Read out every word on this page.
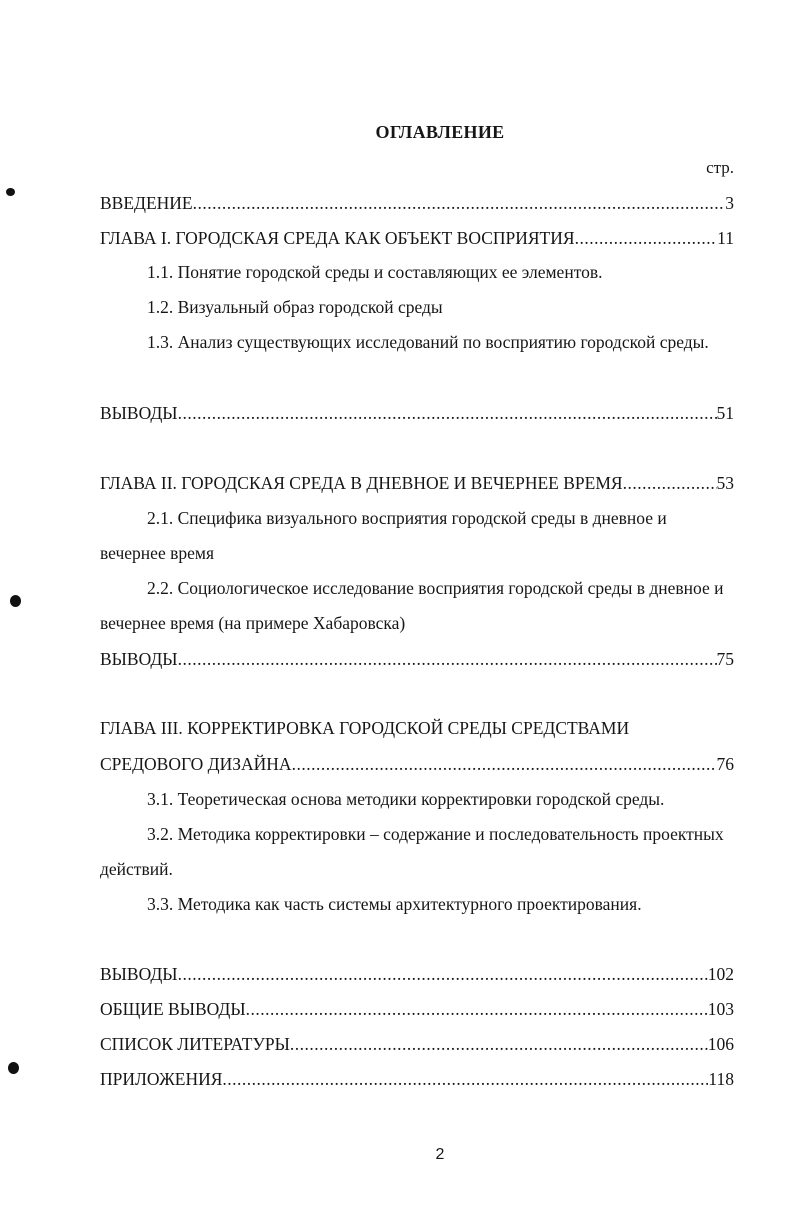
ОГЛАВЛЕНИЕ
стр.
ВВЕДЕНИЕ .....	3
ГЛАВА I. ГОРОДСКАЯ СРЕДА КАК ОБЪЕКТ ВОСПРИЯТИЯ .....	11
1.1. Понятие городской среды и составляющих ее элементов.
1.2. Визуальный образ городской среды
1.3. Анализ существующих исследований по восприятию городской среды.
ВЫВОДЫ .....	51
ГЛАВА II. ГОРОДСКАЯ СРЕДА В ДНЕВНОЕ И ВЕЧЕРНЕЕ ВРЕМЯ .....	53
2.1. Специфика визуального восприятия городской среды в дневное и вечернее время
2.2. Социологическое исследование восприятия городской среды в дневное и вечернее время (на примере Хабаровска)
ВЫВОДЫ .....	75
ГЛАВА III. КОРРЕКТИРОВКА ГОРОДСКОЙ СРЕДЫ СРЕДСТВАМИ
СРЕДОВОГО ДИЗАЙНА .....	76
3.1. Теоретическая основа методики корректировки городской среды.
3.2. Методика корректировки – содержание и последовательность проектных действий.
3.3. Методика как часть системы архитектурного проектирования.
ВЫВОДЫ .....	102
ОБЩИЕ ВЫВОДЫ .....	103
СПИСОК ЛИТЕРАТУРЫ .....	106
ПРИЛОЖЕНИЯ .....	118
2
